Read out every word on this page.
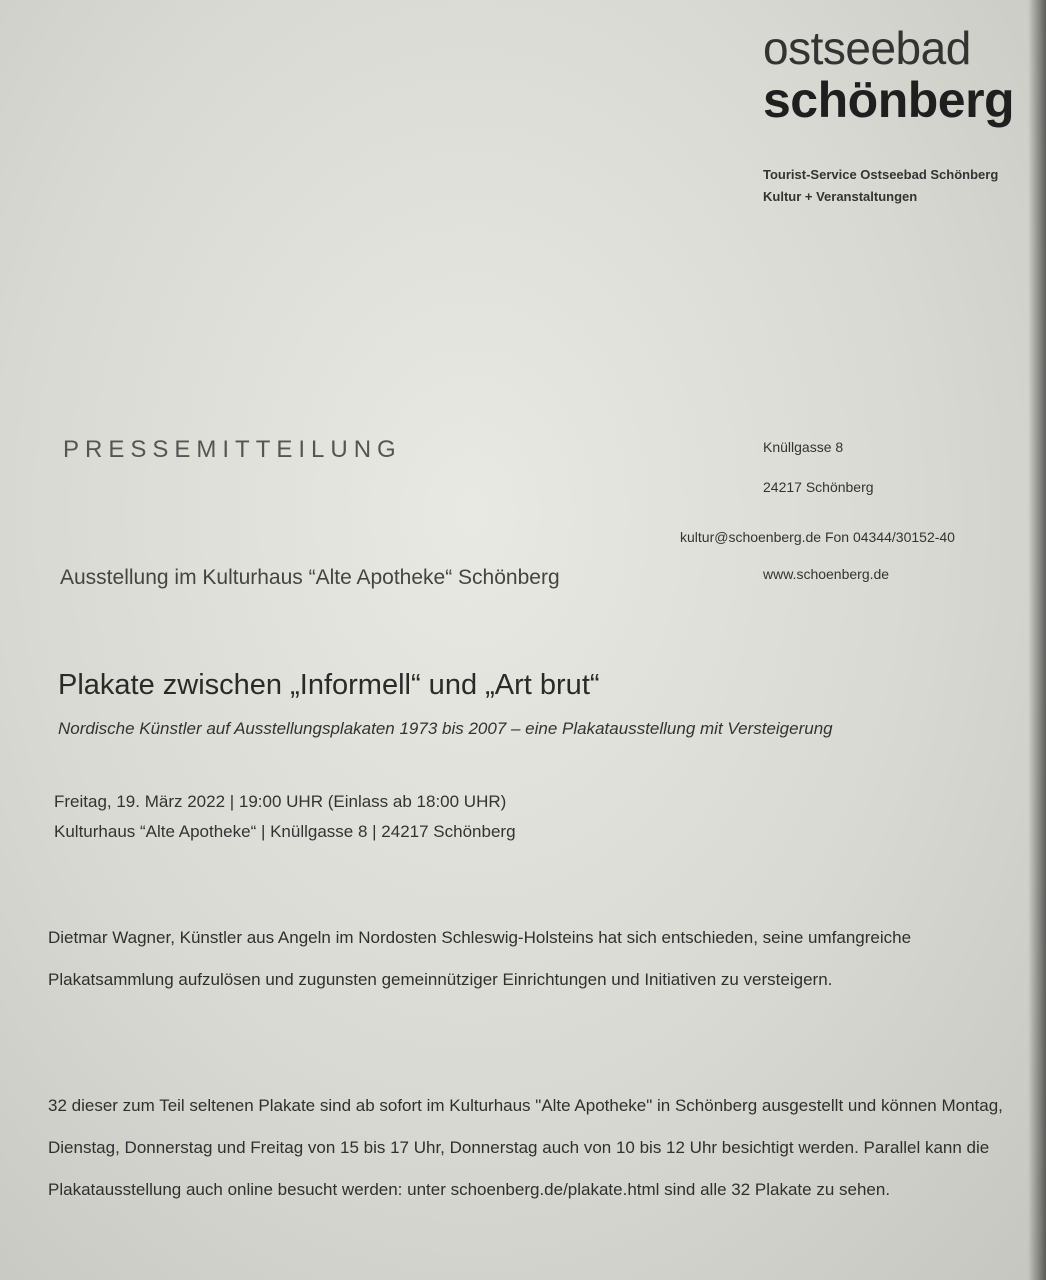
ostseebad
schönberg
Tourist-Service Ostseebad Schönberg
Kultur + Veranstaltungen
PRESSEMITTEILUNG	Knüllgasse 8
24217 Schönberg
kultur@schoenberg.de Fon 04344/30152-40
www.schoenberg.de
Ausstellung im Kulturhaus “Alte Apotheke“ Schönberg
Plakate zwischen „Informell“ und „Art brut“
Nordische Künstler auf Ausstellungsplakaten 1973 bis 2007 – eine Plakatausstellung mit Versteigerung
Freitag, 19. März 2022 | 19:00 UHR (Einlass ab 18:00 UHR)
Kulturhaus “Alte Apotheke“ | Knüllgasse 8 | 24217 Schönberg
Dietmar Wagner, Künstler aus Angeln im Nordosten Schleswig-Holsteins hat sich entschieden, seine umfangreiche Plakatsammlung aufzulösen und zugunsten gemeinnütziger Einrichtungen und Initiativen zu versteigern.
32 dieser zum Teil seltenen Plakate sind ab sofort im Kulturhaus "Alte Apotheke" in Schönberg ausgestellt und können Montag, Dienstag, Donnerstag und Freitag von 15 bis 17 Uhr, Donnerstag auch von 10 bis 12 Uhr besichtigt werden. Parallel kann die Plakatausstellung auch online besucht werden: unter schoenberg.de/plakate.html sind alle 32 Plakate zu sehen.
